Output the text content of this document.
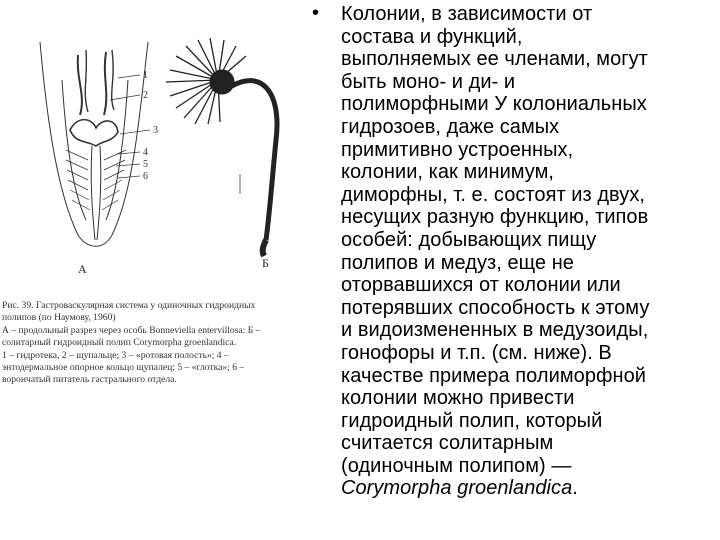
1
2
3
4
5
6
А	Б

Рис. 39. Гастроваскулярная система у одиночных гидроидных

полипов (по Наумову, 1960)

А – продольный разрез через особь Bonneviella entervillosa: Б –

солитарный гидроидный полип Corymorpha groenlandica.

1 – гидротека, 2 – щупальце; 3 – «ротовая полость»; 4 –

энтодермальное опорное кольцо щупалец; 5 – «глотка»; 6 –

ворончатый питатель гастрального отдела.

• Колонии, в зависимости от
состава и функций,
выполняемых ее членами, могут
быть моно- и ди- и
полиморфными У колониальных
гидрозоев, даже самых
примитивно устроенных,
колонии, как минимум,
диморфны, т. е. состоят из двух,
несущих разную функцию, типов
особей: добывающих пищу
полипов и медуз, еще не
оторвавшихся от колонии или
потерявших способность к этому
и видоизмененных в медузоиды,
гонофоры и т.п. (см. ниже). В
качестве примера полиморфной
колонии можно привести
гидроидный полип, который
считается солитарным
(одиночным полипом) —
Corymorpha groenlandica.
